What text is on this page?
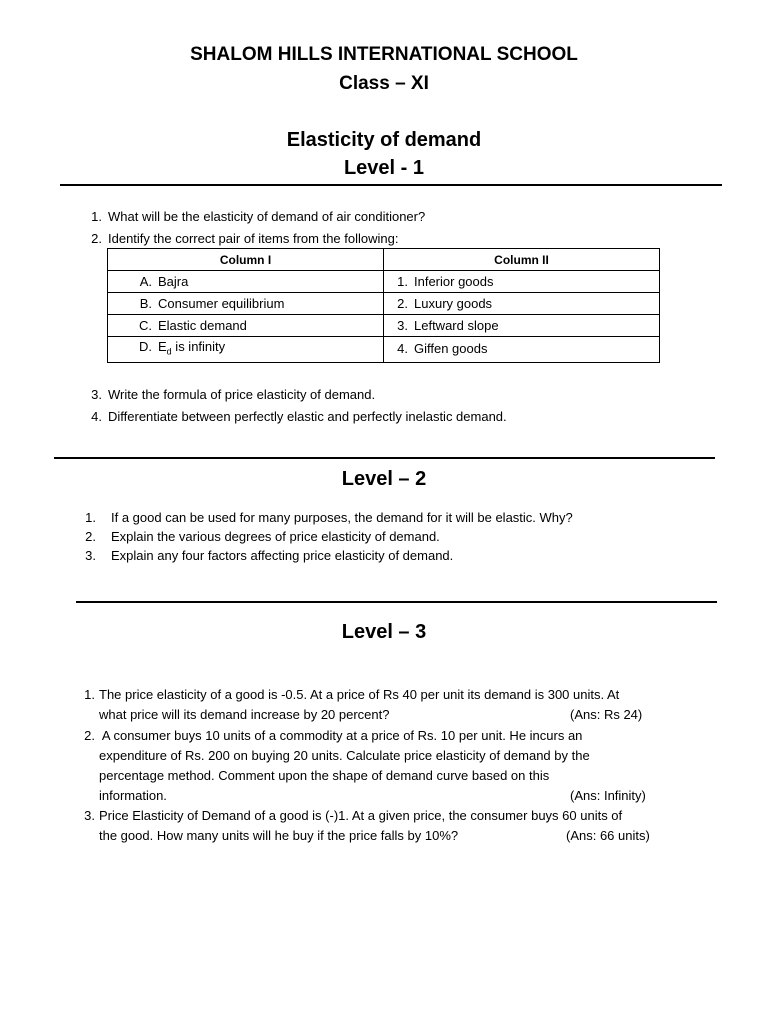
SHALOM HILLS INTERNATIONAL SCHOOL
Class – XI
Elasticity of demand
Level - 1
1. What will be the elasticity of demand of air conditioner?
2. Identify the correct pair of items from the following:
Column I	Column II
A. Bajra	1. Inferior goods
B. Consumer equilibrium	2. Luxury goods
C. Elastic demand	3. Leftward slope
D. $E_d$ is infinity	4. Giffen goods
3. Write the formula of price elasticity of demand.
4. Differentiate between perfectly elastic and perfectly inelastic demand.
Level – 2
1. If a good can be used for many purposes, the demand for it will be elastic. Why?
2. Explain the various degrees of price elasticity of demand.
3. Explain any four factors affecting price elasticity of demand.
Level – 3
1. The price elasticity of a good is -0.5. At a price of Rs 40 per unit its demand is 300 units. At
what price will its demand increase by 20 percent?	(Ans: Rs 24)
2. A consumer buys 10 units of a commodity at a price of Rs. 10 per unit. He incurs an
expenditure of Rs. 200 on buying 20 units. Calculate price elasticity of demand by the
percentage method. Comment upon the shape of demand curve based on this
information.	(Ans: Infinity)
3. Price Elasticity of Demand of a good is (-)1. At a given price, the consumer buys 60 units of
the good. How many units will he buy if the price falls by 10%?	(Ans: 66 units)
